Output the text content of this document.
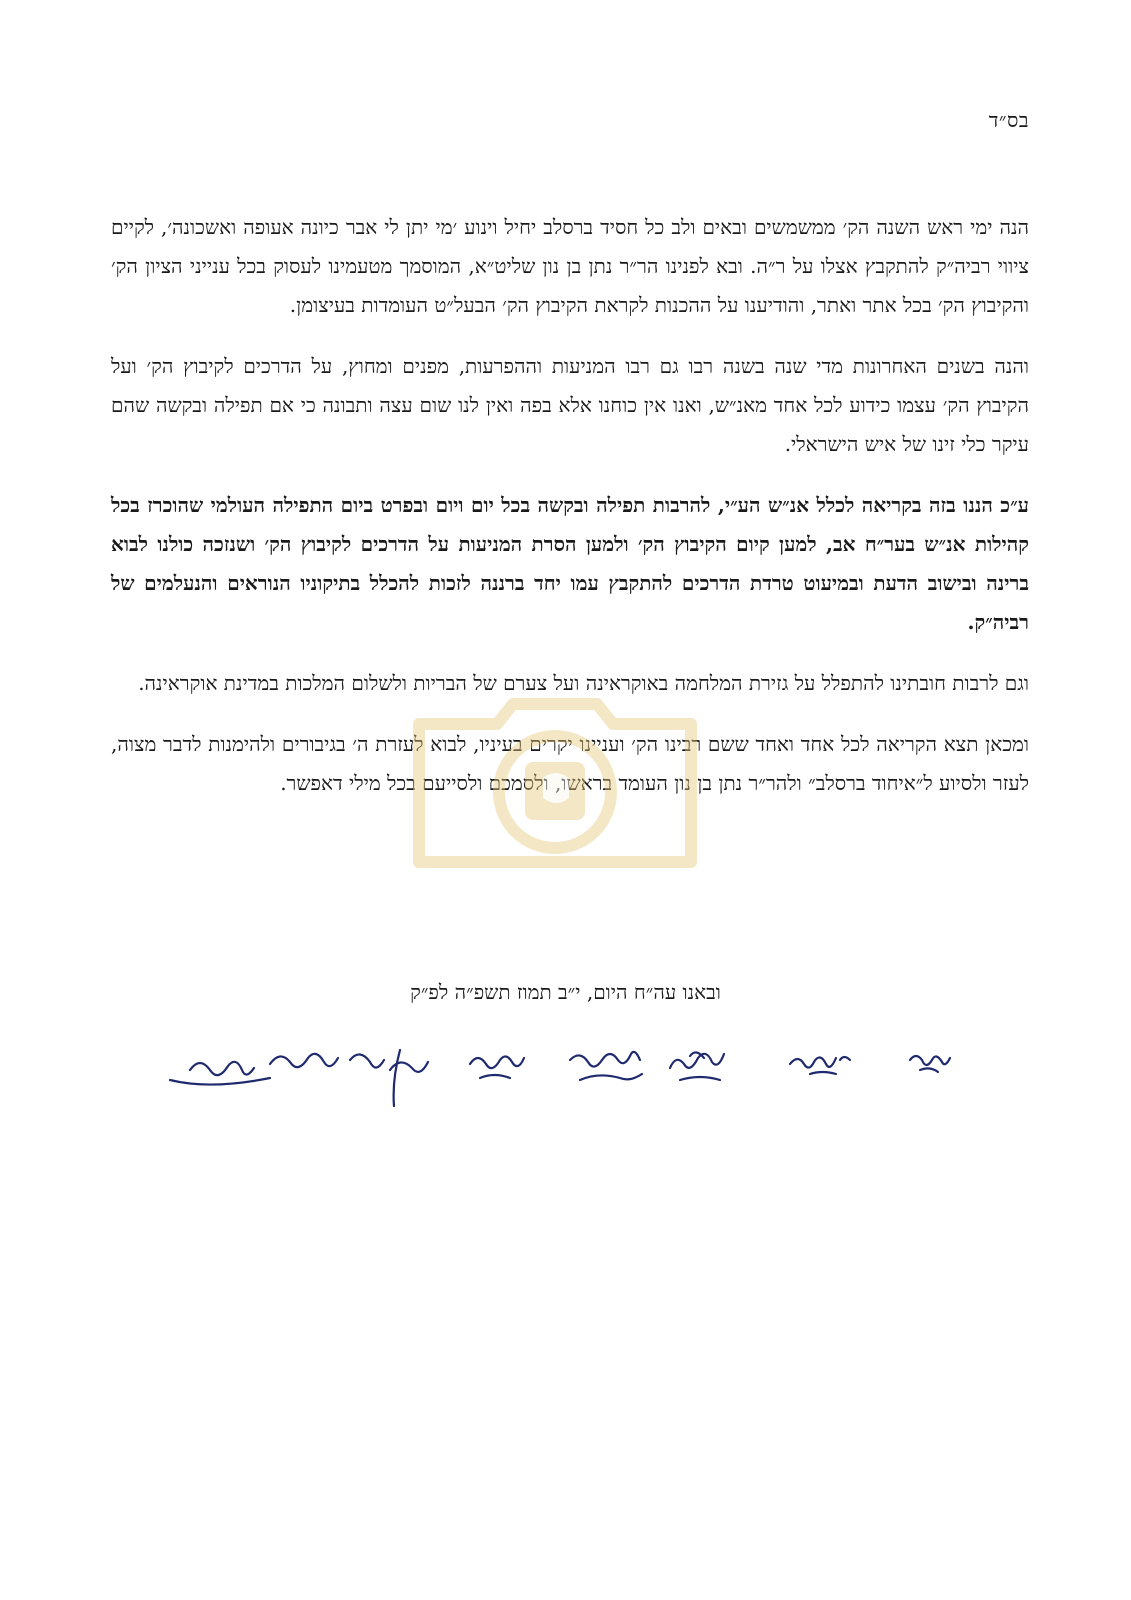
בס״ד

הנה ימי ראש השנה הק׳ ממשמשים ובאים ולב כל חסיד ברסלב יחיל וינוע ׳מי יתן לי אבר כיונה אעופה ואשכונה׳, לקיים ציווי רביה״ק להתקבץ אצלו על ר״ה. ובא לפנינו הר״ר נתן בן נון שליט״א, המוסמך מטעמינו לעסוק בכל ענייני הציון הק׳ והקיבוץ הק׳ בכל אתר ואתר, והודיענו על ההכנות לקראת הקיבוץ הק׳ הבעל״ט העומדות בעיצומן.

והנה בשנים האחרונות מדי שנה בשנה רבו גם רבו המניעות וההפרעות, מפנים ומחוץ, על הדרכים לקיבוץ הק׳ ועל הקיבוץ הק׳ עצמו כידוע לכל אחד מאנ״ש, ואנו אין כוחנו אלא בפה ואין לנו שום עצה ותבונה כי אם תפילה ובקשה שהם עיקר כלי זינו של איש הישראלי.

ע״כ הננו בזה בקריאה לכלל אנ״ש הע״י, להרבות תפילה ובקשה בכל יום ויום ובפרט ביום התפילה העולמי שהוכרז בכל קהילות אנ״ש בער״ח אב, למען קיום הקיבוץ הק׳ ולמען הסרת המניעות על הדרכים לקיבוץ הק׳ ושנזכה כולנו לבוא ברינה ובישוב הדעת ובמיעוט טרדת הדרכים להתקבץ עמו יחד ברננה לזכות להכלל בתיקוניו הנוראים והנעלמים של רביה״ק.

וגם לרבות חובתינו להתפלל על גזירת המלחמה באוקראינה ועל צערם של הבריות ולשלום המלכות במדינת אוקראינה.

ומכאן תצא הקריאה לכל אחד ואחד ששם רבינו הק׳ ועניינו יקרים בעיניו, לבוא לעזרת ה׳ בגיבורים ולהימנות לדבר מצוה, לעזר ולסיוע ל״איחוד ברסלב״ ולהר״ר נתן בן נון העומד בראשו, ולסמכם ולסייעם בכל מילי דאפשר.

ובאנו עה״ח היום, י״ב תמוז תשפ״ה לפ״ק
